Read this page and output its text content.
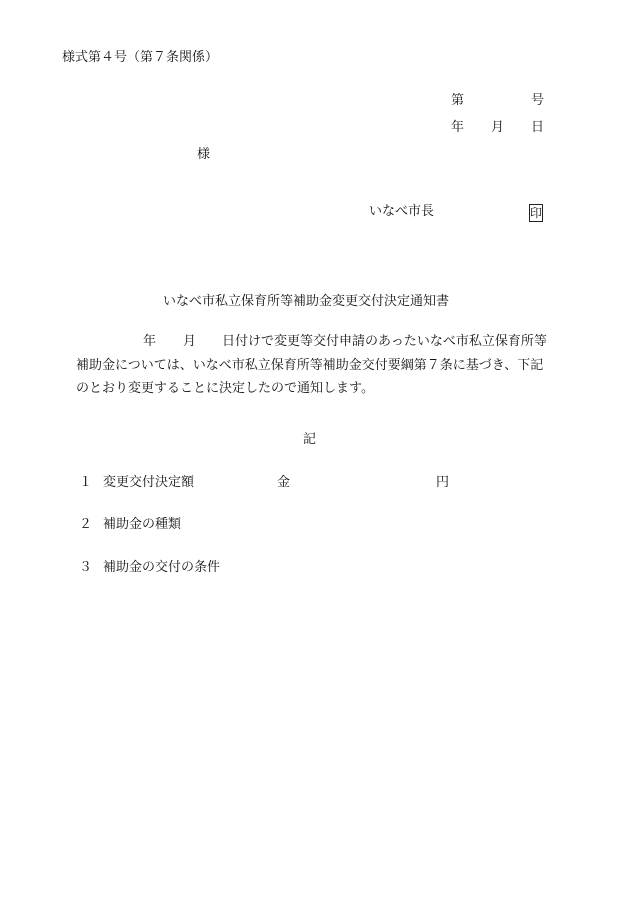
様式第４号（第７条関係）
第	号
年 月 日
様
いなべ市長	印
いなべ市私立保育所等補助金変更交付決定通知書
年 月 日付けで変更等交付申請のあったいなべ市私立保育所等
補助金については、いなべ市私立保育所等補助金交付要綱第７条に基づき、下記
のとおり変更することに決定したので通知します。
記
１ 変更交付決定額	金	円
２ 補助金の種類
３ 補助金の交付の条件
